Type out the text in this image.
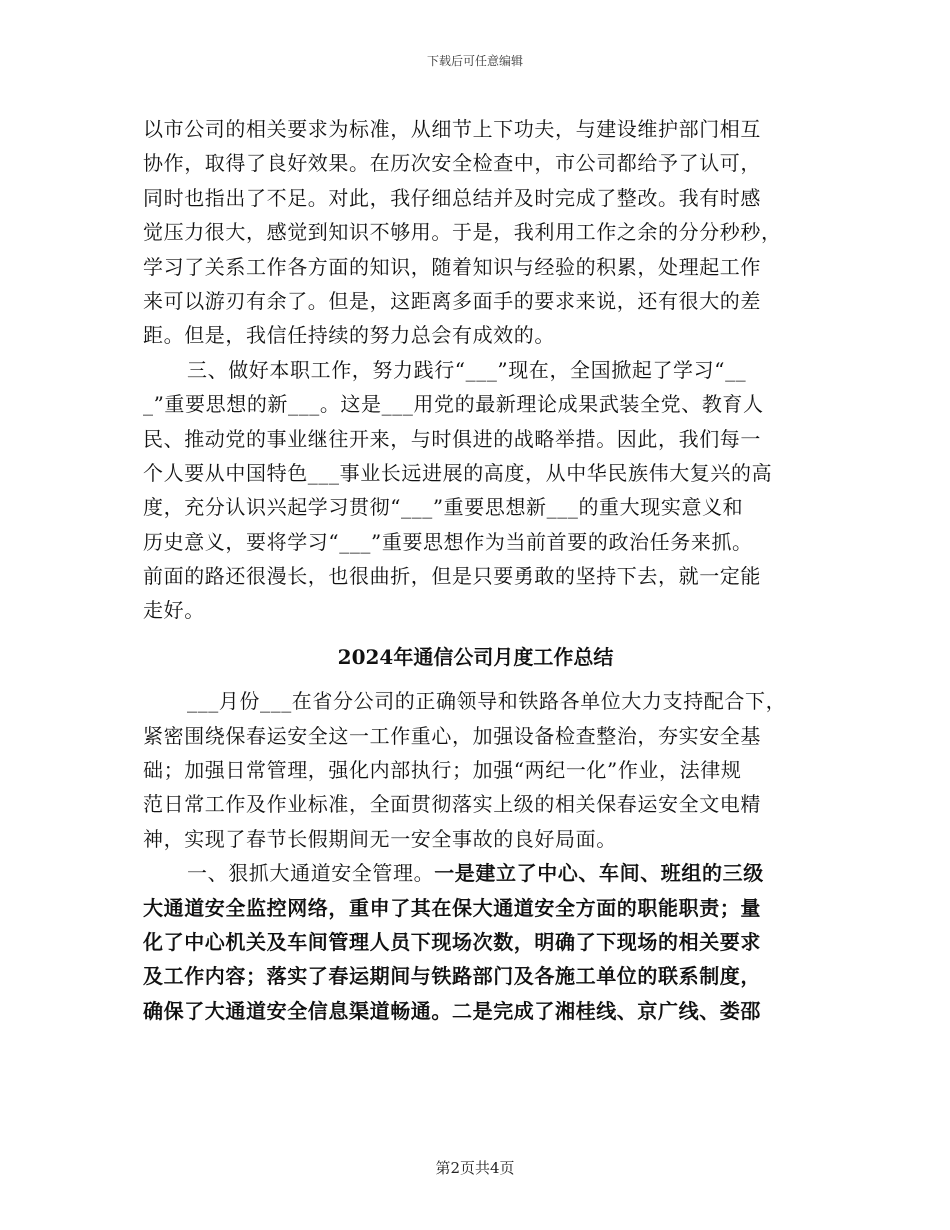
下载后可任意编辑
以市公司的相关要求为标准，从细节上下功夫，与建设维护部门相互
协作，取得了良好效果。在历次安全检查中，市公司都给予了认可，
同时也指出了不足。对此，我仔细总结并及时完成了整改。我有时感
觉压力很大，感觉到知识不够用。于是，我利用工作之余的分分秒秒，
学习了关系工作各方面的知识，随着知识与经验的积累，处理起工作
来可以游刃有余了。但是，这距离多面手的要求来说，还有很大的差
距。但是，我信任持续的努力总会有成效的。
三、做好本职工作，努力践行“___”现在，全国掀起了学习“__
_”重要思想的新___。这是___用党的最新理论成果武装全党、教育人
民、推动党的事业继往开来，与时俱进的战略举措。因此，我们每一
个人要从中国特色___事业长远进展的高度，从中华民族伟大复兴的高
度，充分认识兴起学习贯彻“___”重要思想新___的重大现实意义和
历史意义，要将学习“___”重要思想作为当前首要的政治任务来抓。
前面的路还很漫长，也很曲折，但是只要勇敢的坚持下去，就一定能
走好。
2024年通信公司月度工作总结
___月份___在省分公司的正确领导和铁路各单位大力支持配合下，
紧密围绕保春运安全这一工作重心，加强设备检查整治，夯实安全基
础；加强日常管理，强化内部执行；加强“两纪一化”作业，法律规
范日常工作及作业标准，全面贯彻落实上级的相关保春运安全文电精
神，实现了春节长假期间无一安全事故的良好局面。
一、狠抓大通道安全管理。一是建立了中心、车间、班组的三级
大通道安全监控网络，重申了其在保大通道安全方面的职能职责；量
化了中心机关及车间管理人员下现场次数，明确了下现场的相关要求
及工作内容；落实了春运期间与铁路部门及各施工单位的联系制度，
确保了大通道安全信息渠道畅通。二是完成了湘桂线、京广线、娄邵
第2页共4页
